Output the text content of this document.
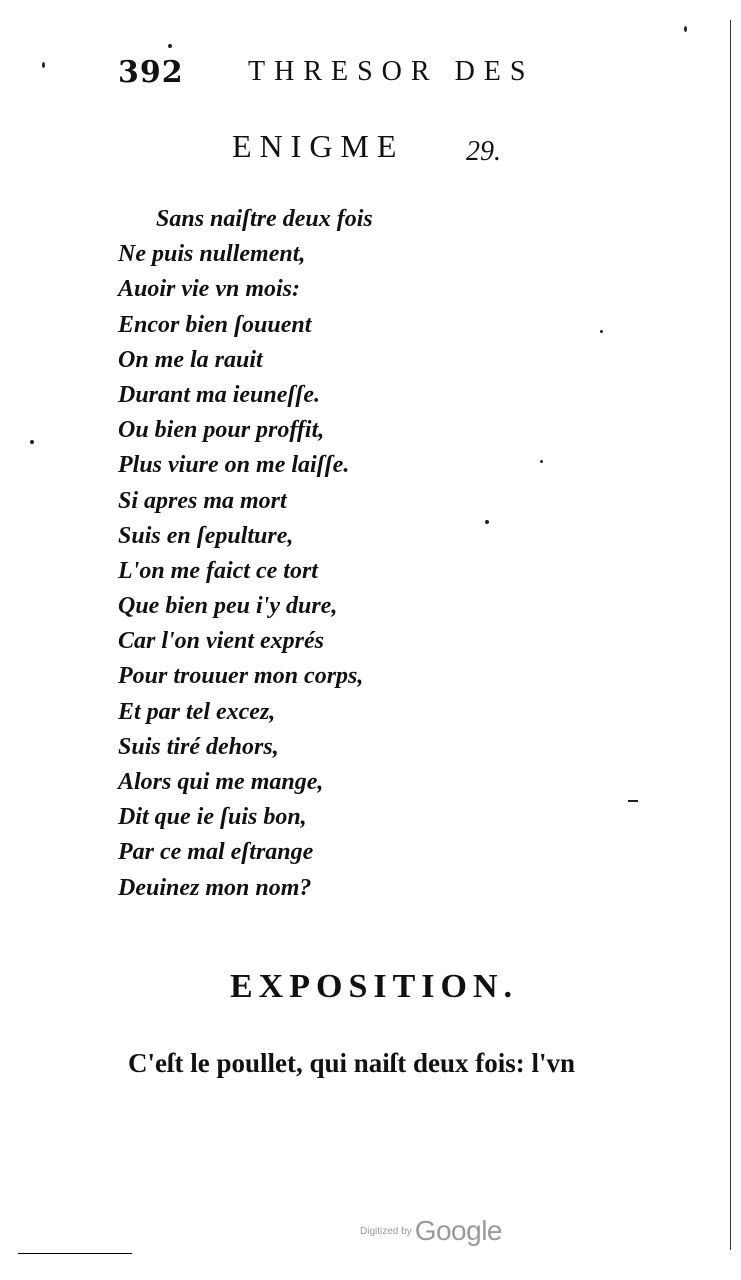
392 THRESOR DES
ENIGME 29.
Sans naiſtre deux fois
Ne puis nullement,
Auoir vie vn mois:
Encor bien ſouuent
On me la rauit
Durant ma ieuneſſe.
Ou bien pour proffit,
Plus viure on me laiſſe.
Si apres ma mort
Suis en ſepulture,
L'on me faict ce tort
Que bien peu i'y dure,
Car l'on vient exprés
Pour trouuer mon corps,
Et par tel excez,
Suis tiré dehors,
Alors qui me mange,
Dit que ie ſuis bon,
Par ce mal eſtrange
Deuinez mon nom?
EXPOSITION.
C'eſt le poullet, qui naiſt deux fois: l'vn
Digitized by Google
